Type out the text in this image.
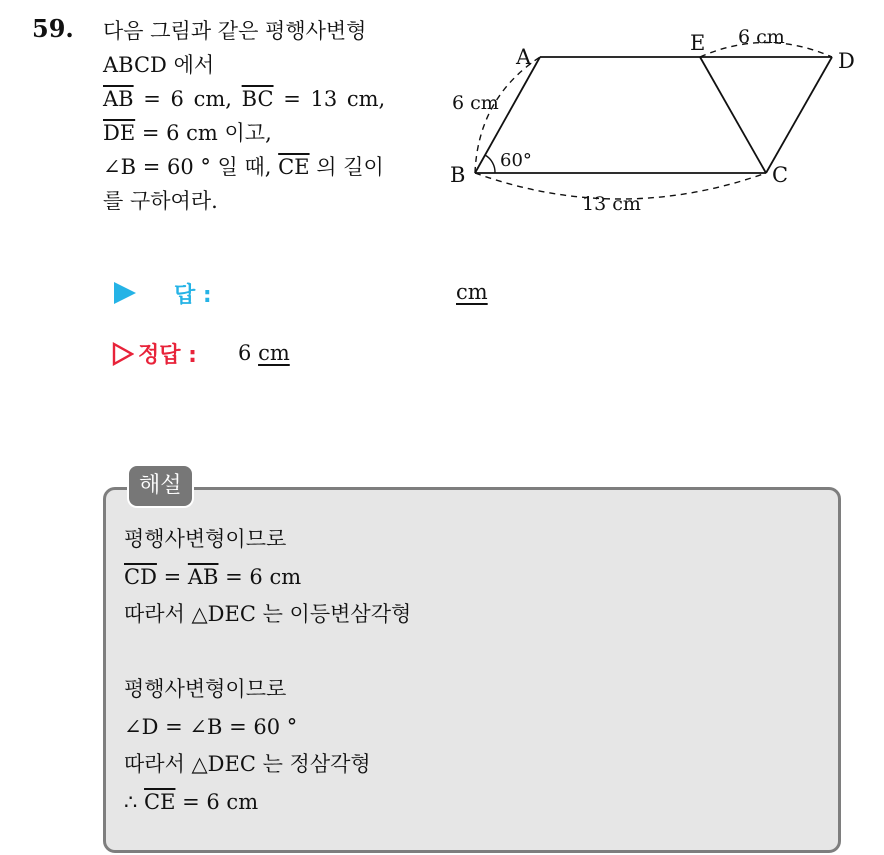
59. 다음 그림과 같은 평행사변형
ABCD 에서
$\overline{AB} = 6$ cm, $\overline{BC} = 13$ cm,
$\overline{DE} = 6$ cm 이고,
∠B = 60 ° 일 때, $\overline{CE}$ 의 길이
를 구하여라.
A
E
D
B	C
6 cm
6 cm
13 cm
60°
답 :	cm
정답 : 6 cm
해설
평행사변형이므로
$\overline{CD} = \overline{AB} = 6$ cm
따라서 △DEC 는 이등변삼각형
평행사변형이므로
∠D = ∠B = 60 °
따라서 △DEC 는 정삼각형
∴ $\overline{CE} = 6$ cm
